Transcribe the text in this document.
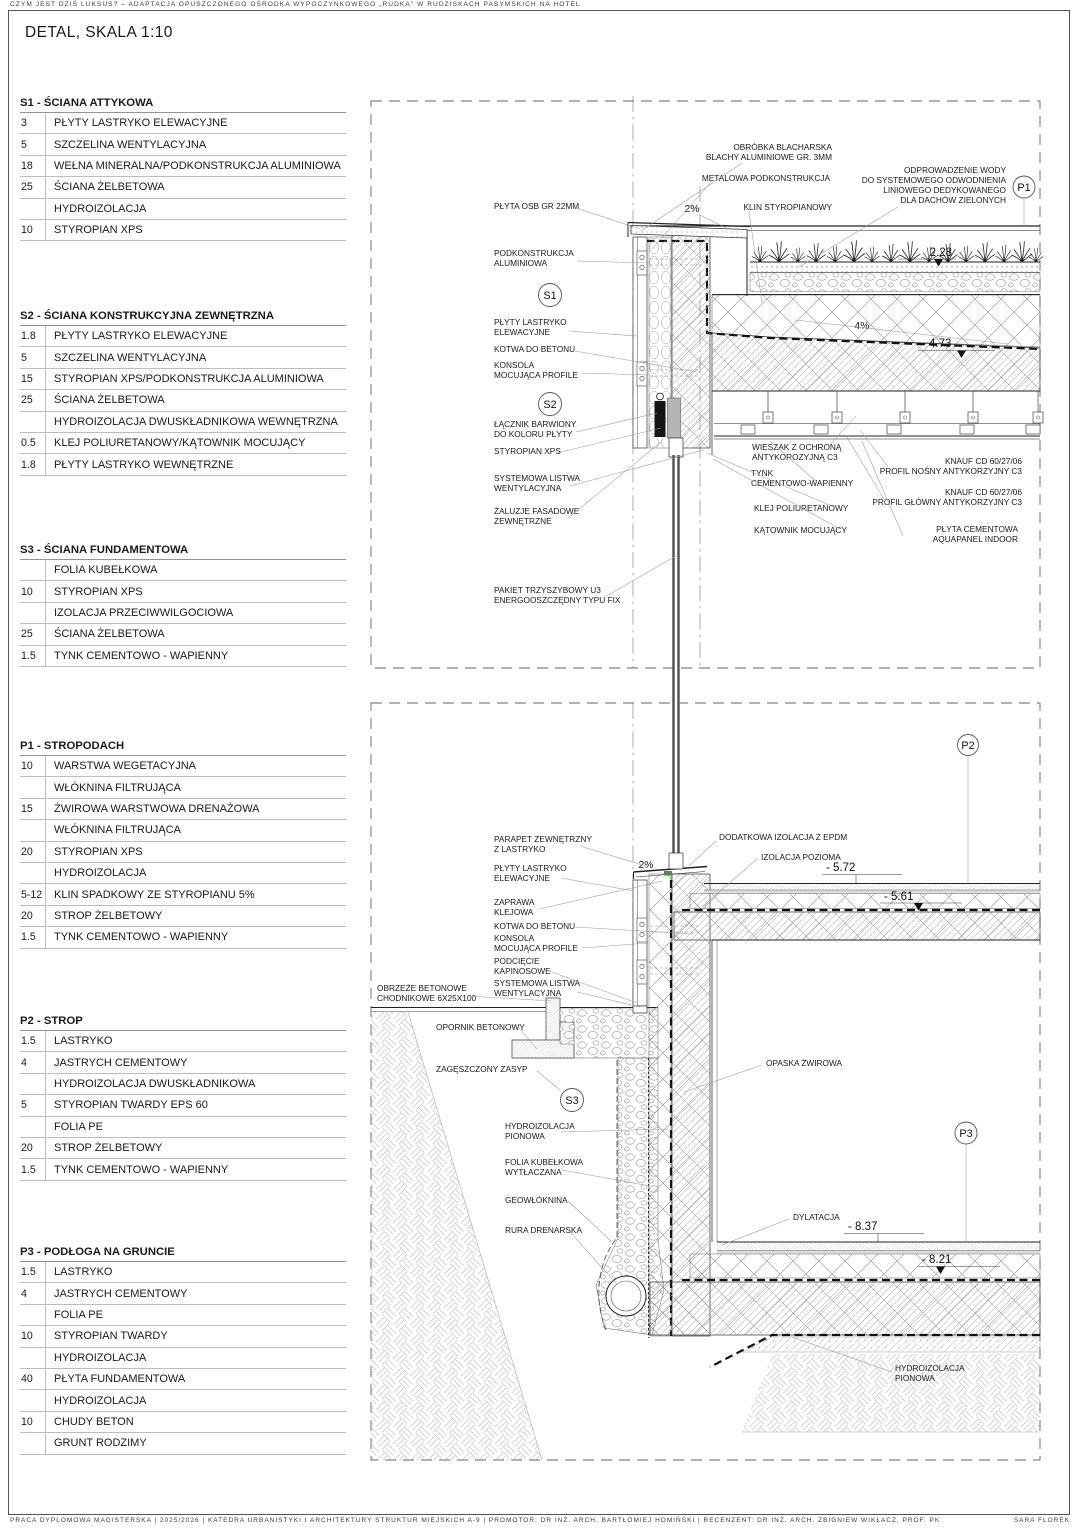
CZYM JEST DZIŚ LUKSUS? – ADAPTACJA OPUSZCZONEGO OŚRODKA WYPOCZYNKOWEGO „RUDKA" W RUDZISKACH PASYMSKICH NA HOTEL
DETAL, SKALA 1:10
S1 - ŚCIANA ATTYKOWA
3	PŁYTY LASTRYKO ELEWACYJNE
5	SZCZELINA WENTYLACYJNA
18	WEŁNA MINERALNA/PODKONSTRUKCJA ALUMINIOWA
25	ŚCIANA ŻELBETOWA
HYDROIZOLACJA
10	STYROPIAN XPS
S2 - ŚCIANA KONSTRUKCYJNA ZEWNĘTRZNA
1.8	PŁYTY LASTRYKO ELEWACYJNE
5	SZCZELINA WENTYLACYJNA
15	STYROPIAN XPS/PODKONSTRUKCJA ALUMINIOWA
25	ŚCIANA ŻELBETOWA
HYDROIZOLACJA DWUSKŁADNIKOWA WEWNĘTRZNA
0.5	KLEJ POLIURETANOWY/KĄTOWNIK MOCUJĄCY
1.8	PŁYTY LASTRYKO WEWNĘTRZNE
S3 - ŚCIANA FUNDAMENTOWA
FOLIA KUBEŁKOWA
10	STYROPIAN XPS
IZOLACJA PRZECIWWILGOCIOWA
25	ŚCIANA ŻELBETOWA
1.5	TYNK CEMENTOWO - WAPIENNY
P1 - STROPODACH
10	WARSTWA WEGETACYJNA
WŁÓKNINA FILTRUJĄCA
15	ŻWIROWA WARSTWOWA DRENAŻOWA
WŁÓKNINA FILTRUJĄCA
20	STYROPIAN XPS
HYDROIZOLACJA
5-12	KLIN SPADKOWY ZE STYROPIANU 5%
20	STROP ŻELBETOWY
1.5	TYNK CEMENTOWO - WAPIENNY
P2 - STROP
1.5	LASTRYKO
4	JASTRYCH CEMENTOWY
HYDROIZOLACJA DWUSKŁADNIKOWA
5	STYROPIAN TWARDY EPS 60
FOLIA PE
20	STROP ŻELBETOWY
1.5	TYNK CEMENTOWO - WAPIENNY
P3 - PODŁOGA NA GRUNCIE
1.5	LASTRYKO
4	JASTRYCH CEMENTOWY
FOLIA PE
10	STYROPIAN TWARDY
HYDROIZOLACJA
40	PŁYTA FUNDAMENTOWA
HYDROIZOLACJA
10	CHUDY BETON
GRUNT RODZIMY
S1
S2
P1
2%
2.28
4%
- 4.73
PŁYTA OSB GR 22MM
PODKONSTRUKCJA
ALUMINIOWA
PŁYTY LASTRYKO
ELEWACYJNE
KOTWA DO BETONU
KONSOLA
MOCUJĄCA PROFILE
ŁĄCZNIK BARWIONY
DO KOLORU PŁYTY
STYROPIAN XPS
SYSTEMOWA LISTWA
WENTYLACYJNA
ŻALUZJE FASADOWE
ZEWNĘTRZNE
PAKIET TRZYSZYBOWY U3
ENERGOOSZCZĘDNY TYPU FIX
OBRÓBKA BLACHARSKA
BLACHY ALUMINIOWE GR. 3MM
METALOWA PODKONSTRUKCJA
KLIN STYROPIANOWY
ODPROWADZENIE WODY
DO SYSTEMOWEGO ODWODNIENIA
LINIOWEGO DEDYKOWANEGO
DLA DACHÓW ZIELONYCH
WIESZAK Z OCHRONĄ
ANTYKOROZYJNĄ C3
TYNK
CEMENTOWO-WAPIENNY
KLEJ POLIURETANOWY
KĄTOWNIK MOCUJĄCY
KNAUF CD 60/27/06
PROFIL NOŚNY ANTYKORZYJNY C3
KNAUF CD 60/27/06
PROFIL GŁÓWNY ANTYKORZYJNY C3
PŁYTA CEMENTOWA
AQUAPANEL INDOOR
S3
P2
P3
2%	- 5.72
- 5.61
- 8.37
- 8.21
PARAPET ZEWNĘTRZNY
Z LASTRYKO
PŁYTY LASTRYKO
ELEWACYJNE
ZAPRAWA
KLEJOWA
KOTWA DO BETONU
KONSOLA
MOCUJĄCA PROFILE
PODCIĘCIE
KAPINOSOWE
SYSTEMOWA LISTWA
WENTYLACYJNA
OBRZEŻE BETONOWE
CHODNIKOWE 6X25X100
OPORNIK BETONOWY
ZAGĘSZCZONY ZASYP
HYDROIZOLACJA
PIONOWA
FOLIA KUBEŁKOWA
WYTŁACZANA
GEOWŁÓKNINA
RURA DRENARSKA
DODATKOWA IZOLACJA Z EPDM
IZOLACJA POZIOMA
OPASKA ŻWIROWA
DYLATACJA
HYDROIZOLACJA
PIONOWA
PRACA DYPLOMOWA MAGISTERSKA | 2025/2026 | KATEDRA URBANISTYKI I ARCHITEKTURY STRUKTUR MIEJSKICH A-9 | PROMOTOR: DR INŻ. ARCH. BARTŁOMIEJ HOMIŃSKI | RECENZENT: DR INŻ. ARCH. ZBIGNIEW WIKŁACZ, PROF. PK	SARA FLOREK
